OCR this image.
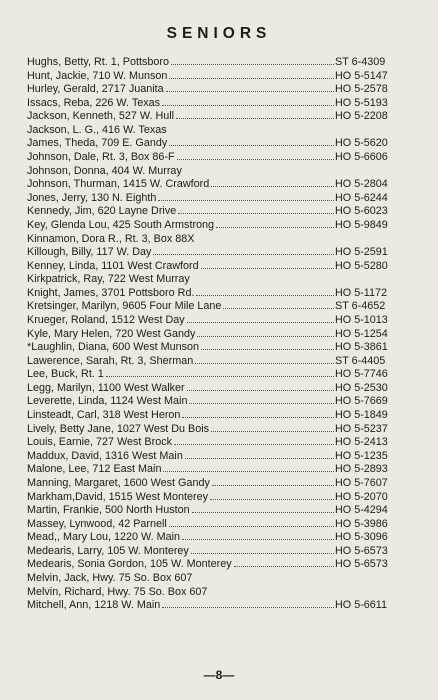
SENIORS
Hughs, Betty, Rt. 1, Pottsboro	ST 6-4309
Hunt, Jackie, 710 W. Munson	HO 5-5147
Hurley, Gerald, 2717 Juanita	HO 5-2578
Issacs, Reba, 226 W. Texas	HO 5-5193
Jackson, Kenneth, 527 W. Hull	HO 5-2208
Jackson, L. G., 416 W. Texas
James, Theda, 709 E. Gandy	HO 5-5620
Johnson, Dale, Rt. 3, Box 86-F	HO 5-6606
Johnson, Donna, 404 W. Murray
Johnson, Thurman, 1415 W. Crawford	HO 5-2804
Jones, Jerry, 130 N. Eighth	HO 5-6244
Kennedy, Jim, 620 Layne Drive	HO 5-6023
Key, Glenda Lou, 425 South Armstrong	HO 5-9849
Kinnamon, Dora R., Rt. 3, Box 88X
Killough, Billy, 117 W. Day	HO 5-2591
Kenney, Linda, 1101 West Crawford	HO 5-5280
Kirkpatrick, Ray, 722 West Murray
Knight, James, 3701 Pottsboro Rd.	HO 5-1172
Kretsinger, Marilyn, 9605 Four Mile Lane	ST 6-4652
Krueger, Roland, 1512 West Day	HO 5-1013
Kyle, Mary Helen, 720 West Gandy	HO 5-1254
*Laughlin, Diana, 600 West Munson	HO 5-3861
Lawerence, Sarah, Rt. 3, Sherman	ST 6-4405
Lee, Buck, Rt. 1	HO 5-7746
Legg, Marilyn, 1100 West Walker	HO 5-2530
Leverette, Linda, 1124 West Main	HO 5-7669
Linsteadt, Carl, 318 West Heron	HO 5-1849
Lively, Betty Jane, 1027 West Du Bois	HO 5-5237
Louis, Earnie, 727 West Brock	HO 5-2413
Maddux, David, 1316 West Main	HO 5-1235
Malone, Lee, 712 East Main	HO 5-2893
Manning, Margaret, 1600 West Gandy	HO 5-7607
Markham,David, 1515 West Monterey	HO 5-2070
Martin, Frankie, 500 North Huston	HO 5-4294
Massey, Lynwood, 42 Parnell	HO 5-3986
Mead,, Mary Lou, 1220 W. Main	HO 5-3096
Medearis, Larry, 105 W. Monterey	HO 5-6573
Medearis, Sonia Gordon, 105 W. Monterey	HO 5-6573
Melvin, Jack, Hwy. 75 So. Box 607
Melvin, Richard, Hwy. 75 So. Box 607
Mitchell, Ann, 1218 W. Main	HO 5-6611
—8—
